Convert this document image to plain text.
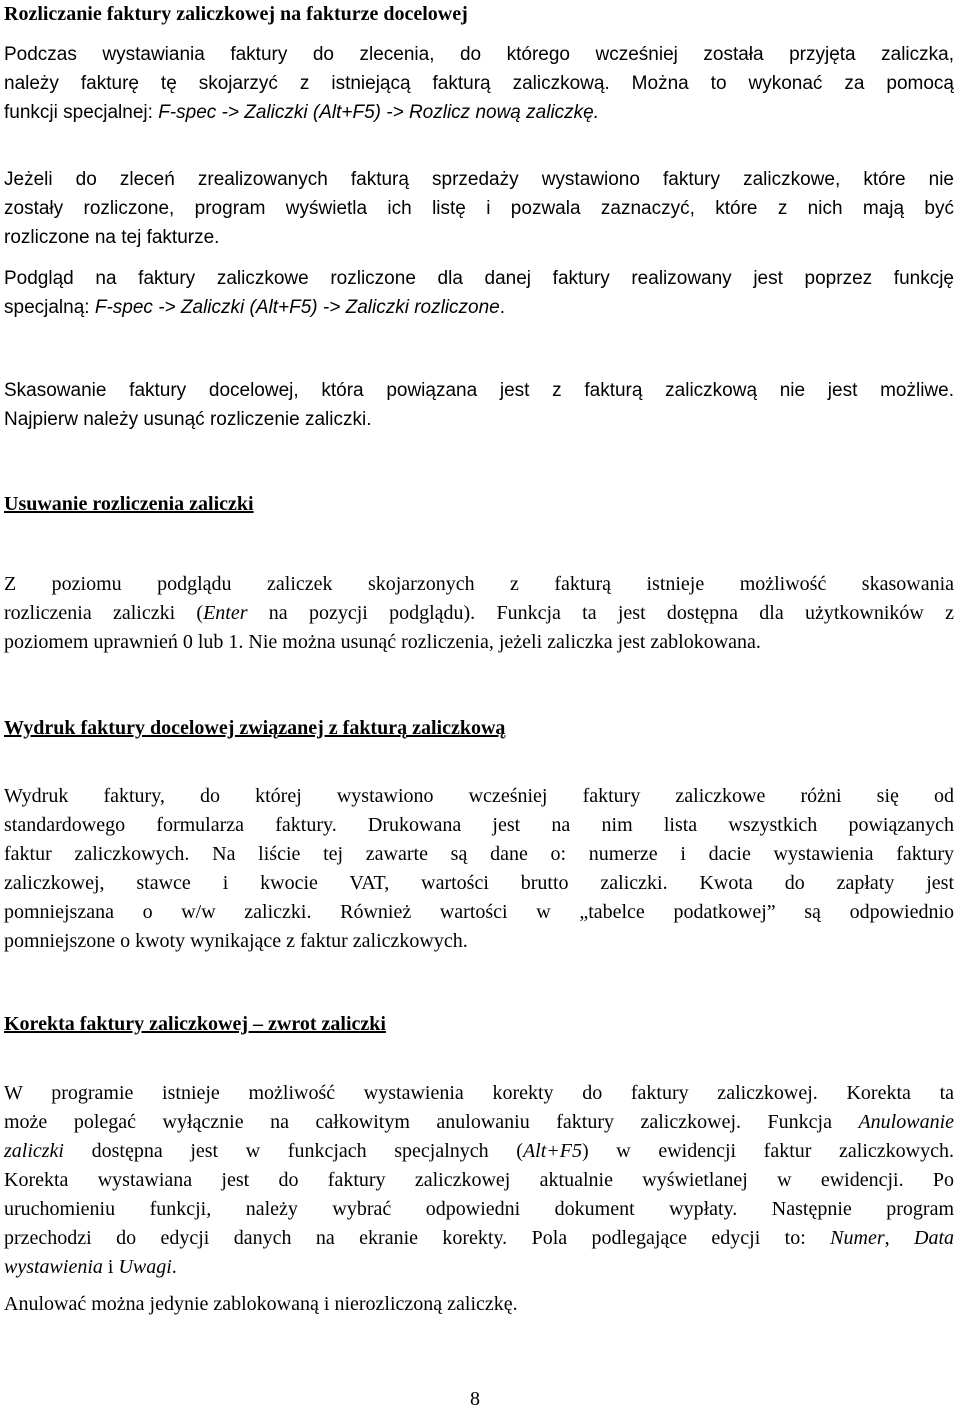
Rozliczanie faktury zaliczkowej na fakturze docelowej

Podczas wystawiania faktury do zlecenia, do którego wcześniej została przyjęta zaliczka,

należy fakturę tę skojarzyć z istniejącą fakturą zaliczkową. Można to wykonać za pomocą

funkcji specjalnej: F-spec -> Zaliczki (Alt+F5) -> Rozlicz nową zaliczkę.

Jeżeli do zleceń zrealizowanych fakturą sprzedaży wystawiono faktury zaliczkowe, które nie

zostały rozliczone, program wyświetla ich listę i pozwala zaznaczyć, które z nich mają być

rozliczone na tej fakturze.

Podgląd na faktury zaliczkowe rozliczone dla danej faktury realizowany jest poprzez funkcję

specjalną: F-spec -> Zaliczki (Alt+F5) -> Zaliczki rozliczone.

Skasowanie faktury docelowej, która powiązana jest z fakturą zaliczkową nie jest możliwe.

Najpierw należy usunąć rozliczenie zaliczki.

Usuwanie rozliczenia zaliczki

Z poziomu podglądu zaliczek skojarzonych z fakturą istnieje możliwość skasowania

rozliczenia zaliczki (Enter na pozycji podglądu). Funkcja ta jest dostępna dla użytkowników z

poziomem uprawnień 0 lub 1. Nie można usunąć rozliczenia, jeżeli zaliczka jest zablokowana.

Wydruk faktury docelowej związanej z fakturą zaliczkową

Wydruk faktury, do której wystawiono wcześniej faktury zaliczkowe różni się od

standardowego formularza faktury. Drukowana jest na nim lista wszystkich powiązanych

faktur zaliczkowych. Na liście tej zawarte są dane o: numerze i dacie wystawienia faktury

zaliczkowej, stawce i kwocie VAT, wartości brutto zaliczki. Kwota do zapłaty jest

pomniejszana o w/w zaliczki. Również wartości w „tabelce podatkowej” są odpowiednio

pomniejszone o kwoty wynikające z faktur zaliczkowych.

Korekta faktury zaliczkowej – zwrot zaliczki

W programie istnieje możliwość wystawienia korekty do faktury zaliczkowej. Korekta ta

może polegać wyłącznie na całkowitym anulowaniu faktury zaliczkowej. Funkcja Anulowanie

zaliczki dostępna jest w funkcjach specjalnych (Alt+F5) w ewidencji faktur zaliczkowych.

Korekta wystawiana jest do faktury zaliczkowej aktualnie wyświetlanej w ewidencji. Po

uruchomieniu funkcji, należy wybrać odpowiedni dokument wypłaty. Następnie program

przechodzi do edycji danych na ekranie korekty. Pola podlegające edycji to: Numer, Data

wystawienia i Uwagi.

Anulować można jedynie zablokowaną i nierozliczoną zaliczkę.

8
